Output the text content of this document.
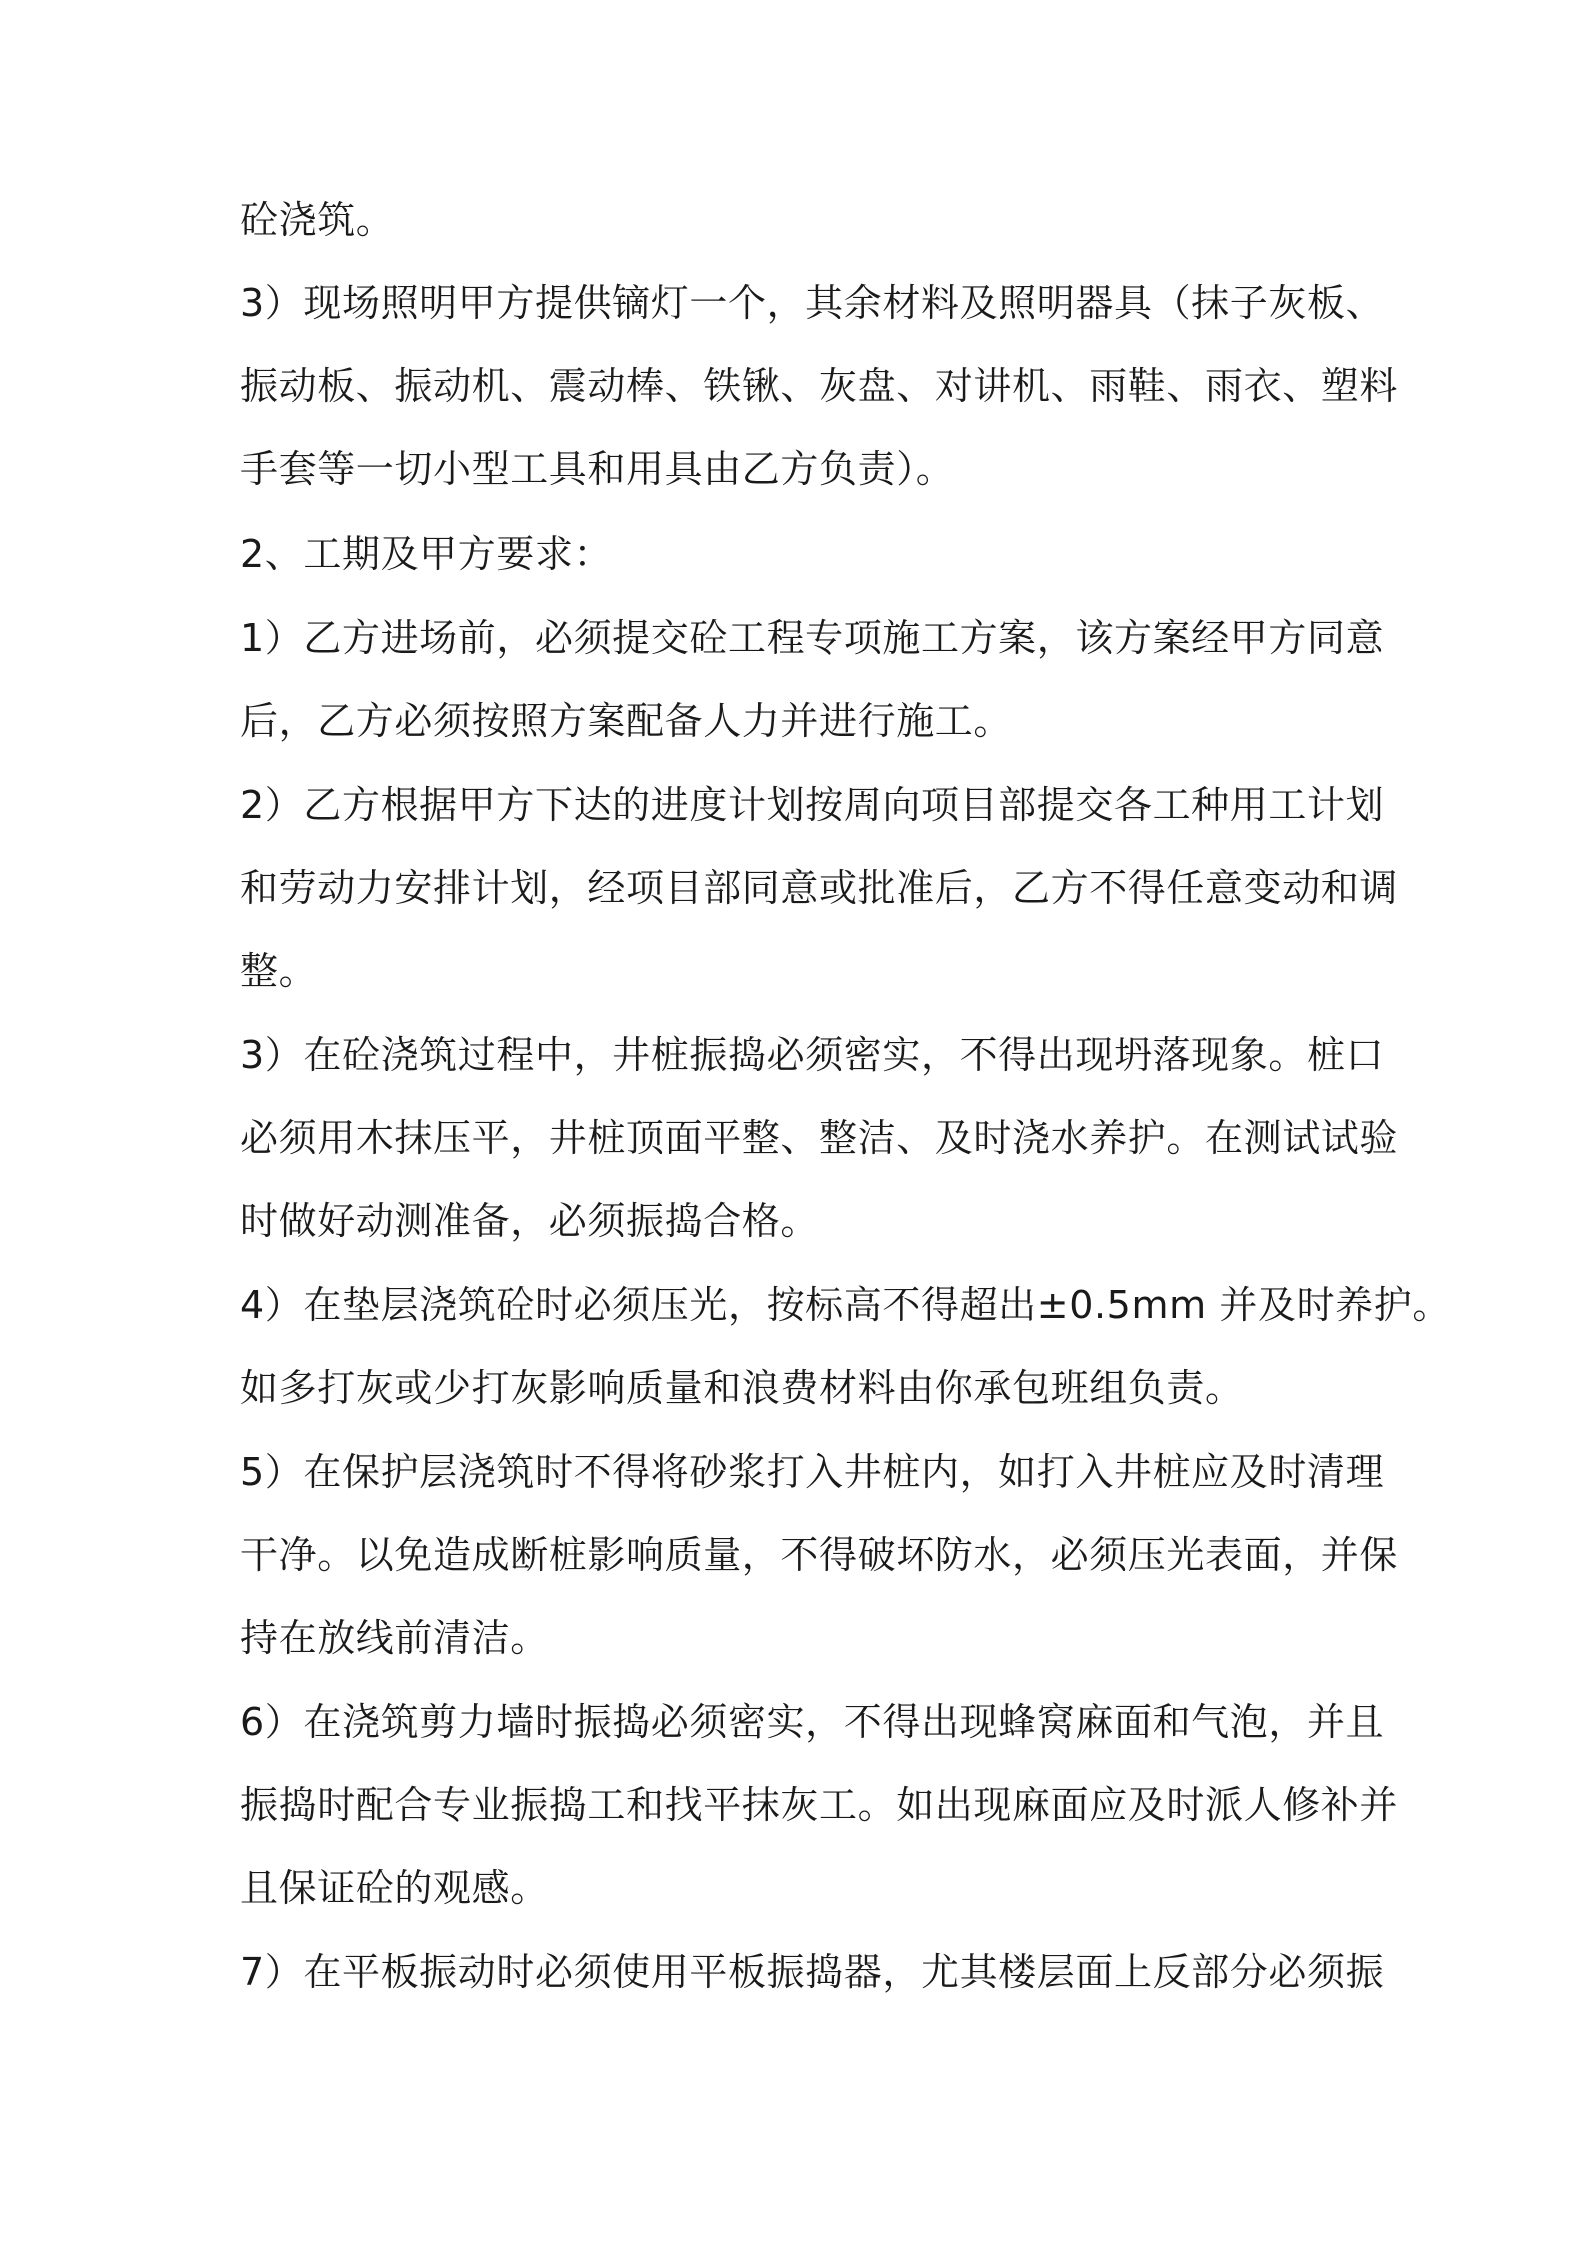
砼浇筑。
3）现场照明甲方提供镝灯一个，其余材料及照明器具（抹子灰板、
振动板、振动机、震动棒、铁锹、灰盘、对讲机、雨鞋、雨衣、塑料
手套等一切小型工具和用具由乙方负责）。
2、工期及甲方要求：
1）乙方进场前，必须提交砼工程专项施工方案，该方案经甲方同意
后，乙方必须按照方案配备人力并进行施工。
2）乙方根据甲方下达的进度计划按周向项目部提交各工种用工计划
和劳动力安排计划，经项目部同意或批准后，乙方不得任意变动和调
整。
3）在砼浇筑过程中，井桩振捣必须密实，不得出现坍落现象。桩口
必须用木抹压平，井桩顶面平整、整洁、及时浇水养护。在测试试验
时做好动测准备，必须振捣合格。
4）在垫层浇筑砼时必须压光，按标高不得超出±0.5mm 并及时养护。
如多打灰或少打灰影响质量和浪费材料由你承包班组负责。
5）在保护层浇筑时不得将砂浆打入井桩内，如打入井桩应及时清理
干净。以免造成断桩影响质量，不得破坏防水，必须压光表面，并保
持在放线前清洁。
6）在浇筑剪力墙时振捣必须密实，不得出现蜂窝麻面和气泡，并且
振捣时配合专业振捣工和找平抹灰工。如出现麻面应及时派人修补并
且保证砼的观感。
7）在平板振动时必须使用平板振捣器，尤其楼层面上反部分必须振
